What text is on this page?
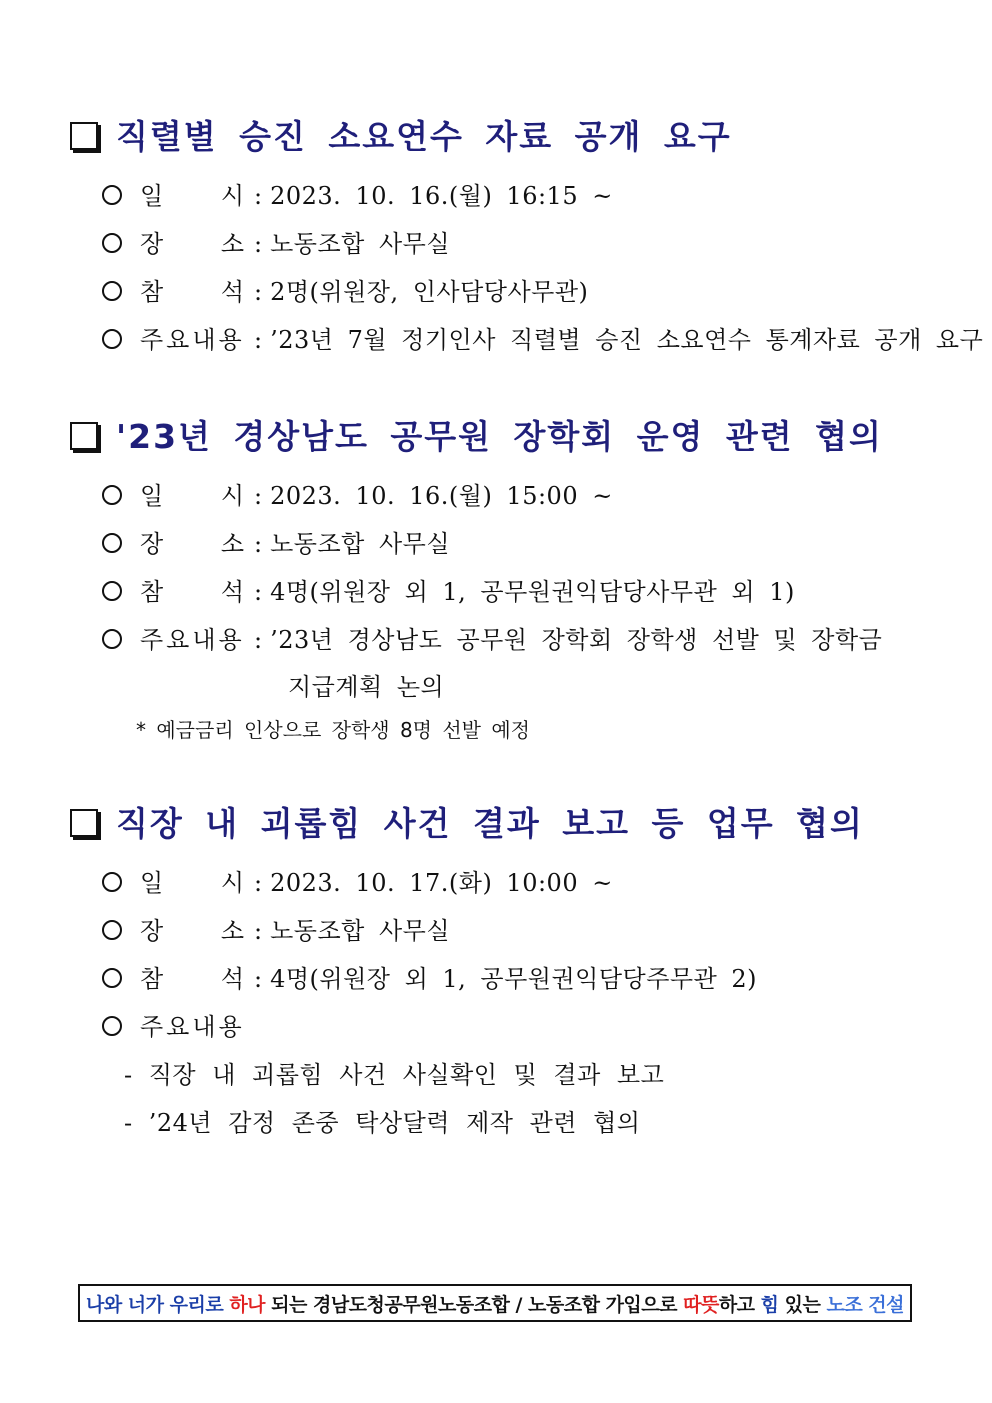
직렬별 승진 소요연수 자료 공개 요구
일 시 : 2023. 10. 16.(월) 16:15 ~
장 소 : 노동조합 사무실
참 석 : 2명(위원장, 인사담당사무관)
주요내용 : ’23년 7월 정기인사 직렬별 승진 소요연수 통계자료 공개 요구
'23년 경상남도 공무원 장학회 운영 관련 협의
일 시 : 2023. 10. 16.(월) 15:00 ~
장 소 : 노동조합 사무실
참 석 : 4명(위원장 외 1, 공무원권익담당사무관 외 1)
주요내용 : ’23년 경상남도 공무원 장학회 장학생 선발 및 장학금
지급계획 논의
* 예금금리 인상으로 장학생 8명 선발 예정
직장 내 괴롭힘 사건 결과 보고 등 업무 협의
일 시 : 2023. 10. 17.(화) 10:00 ~
장 소 : 노동조합 사무실
참 석 : 4명(위원장 외 1, 공무원권익담당주무관 2)
주요내용
- 직장 내 괴롭힘 사건 사실확인 및 결과 보고
- ’24년 감정 존중 탁상달력 제작 관련 협의
나와 너가 우리로 하나 되는 경남도청공무원노동조합 / 노동조합 가입으로 따뜻 하고 힘 있는 노조 건설
